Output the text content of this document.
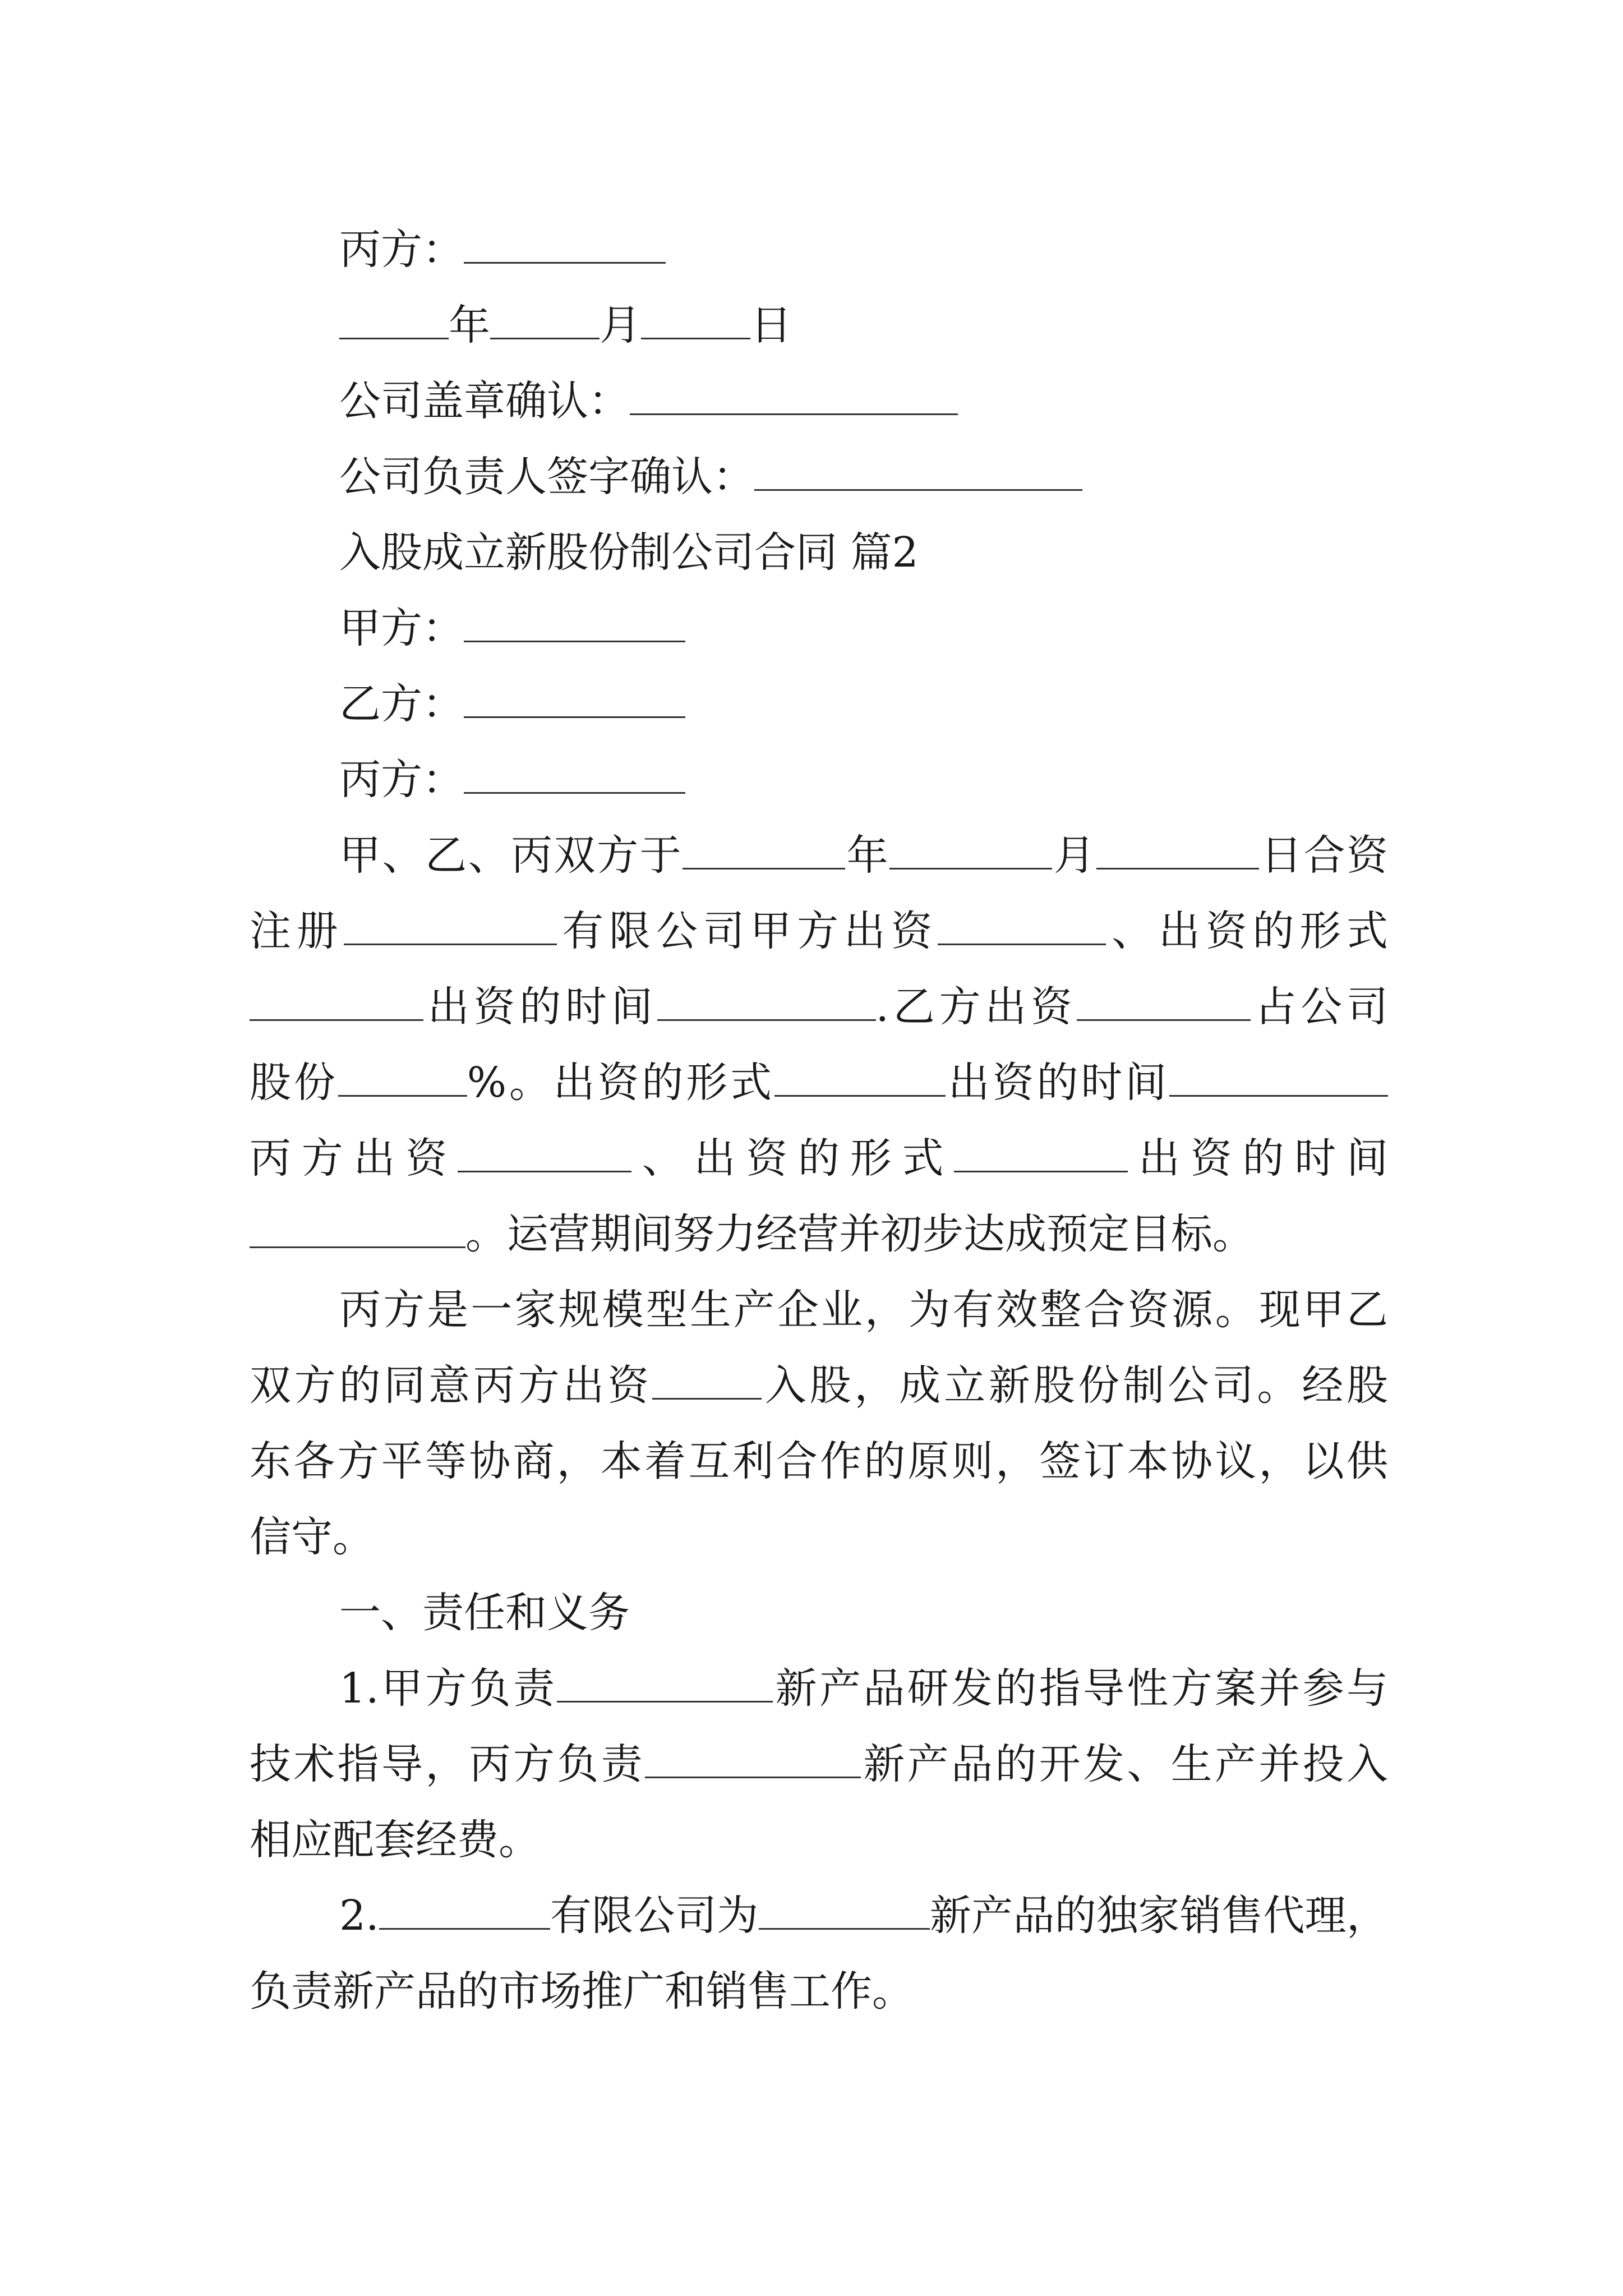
丙方：
年	月	日
公司盖章确认：
公司负责人签字确认：
入股成立新股份制公司合同 篇2
甲方：
乙方：
丙方：
甲、乙、丙双方于	年	月	日合资
注册	有限公司甲方出资	、出资的形式
出资的时间	.乙方出资	占公司
股份	%。出资的形式	出资的时间
丙方出资	、出资的形式	出资的时间
。运营期间努力经营并初步达成预定目标。
丙方是一家规模型生产企业，为有效整合资源。现甲乙
双方的同意丙方出资	入股，成立新股份制公司。经股
东各方平等协商，本着互利合作的原则，签订本协议，以供
信守。
一、责任和义务
1.甲方负责	新产品研发的指导性方案并参与
技术指导，丙方负责	新产品的开发、生产并投入
相应配套经费。
2.	有限公司为	新产品的独家销售代理，
负责新产品的市场推广和销售工作。
